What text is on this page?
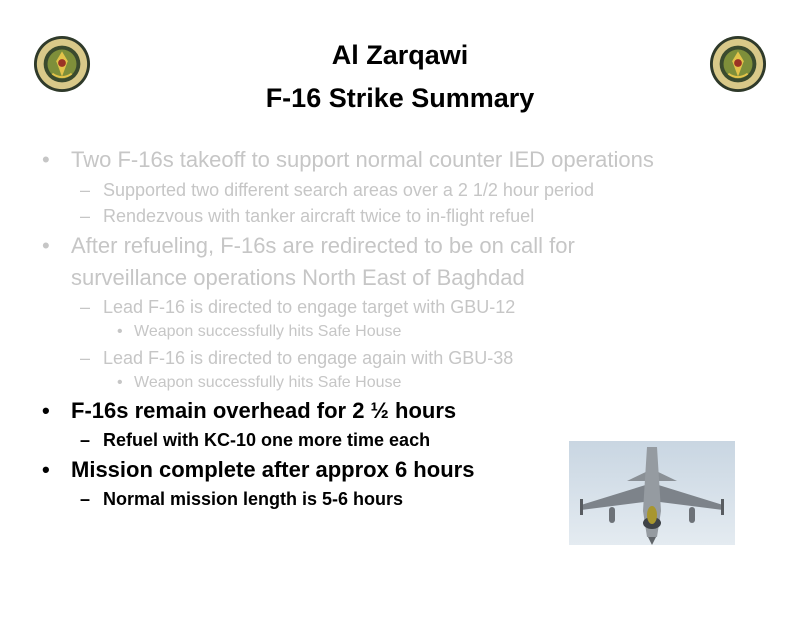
Al Zarqawi
F-16 Strike Summary
• Two F-16s takeoff to support normal counter IED operations
– Supported two different search areas over a 2 1/2 hour period
– Rendezvous with tanker aircraft twice to in-flight refuel
• After refueling, F-16s are redirected to be on call for
surveillance operations North East of Baghdad
– Lead F-16 is directed to engage target with GBU-12
• Weapon successfully hits Safe House
– Lead F-16 is directed to engage again with GBU-38
• Weapon successfully hits Safe House
• F-16s remain overhead for 2 ½ hours
– Refuel with KC-10 one more time each
• Mission complete after approx 6 hours
– Normal mission length is 5-6 hours
